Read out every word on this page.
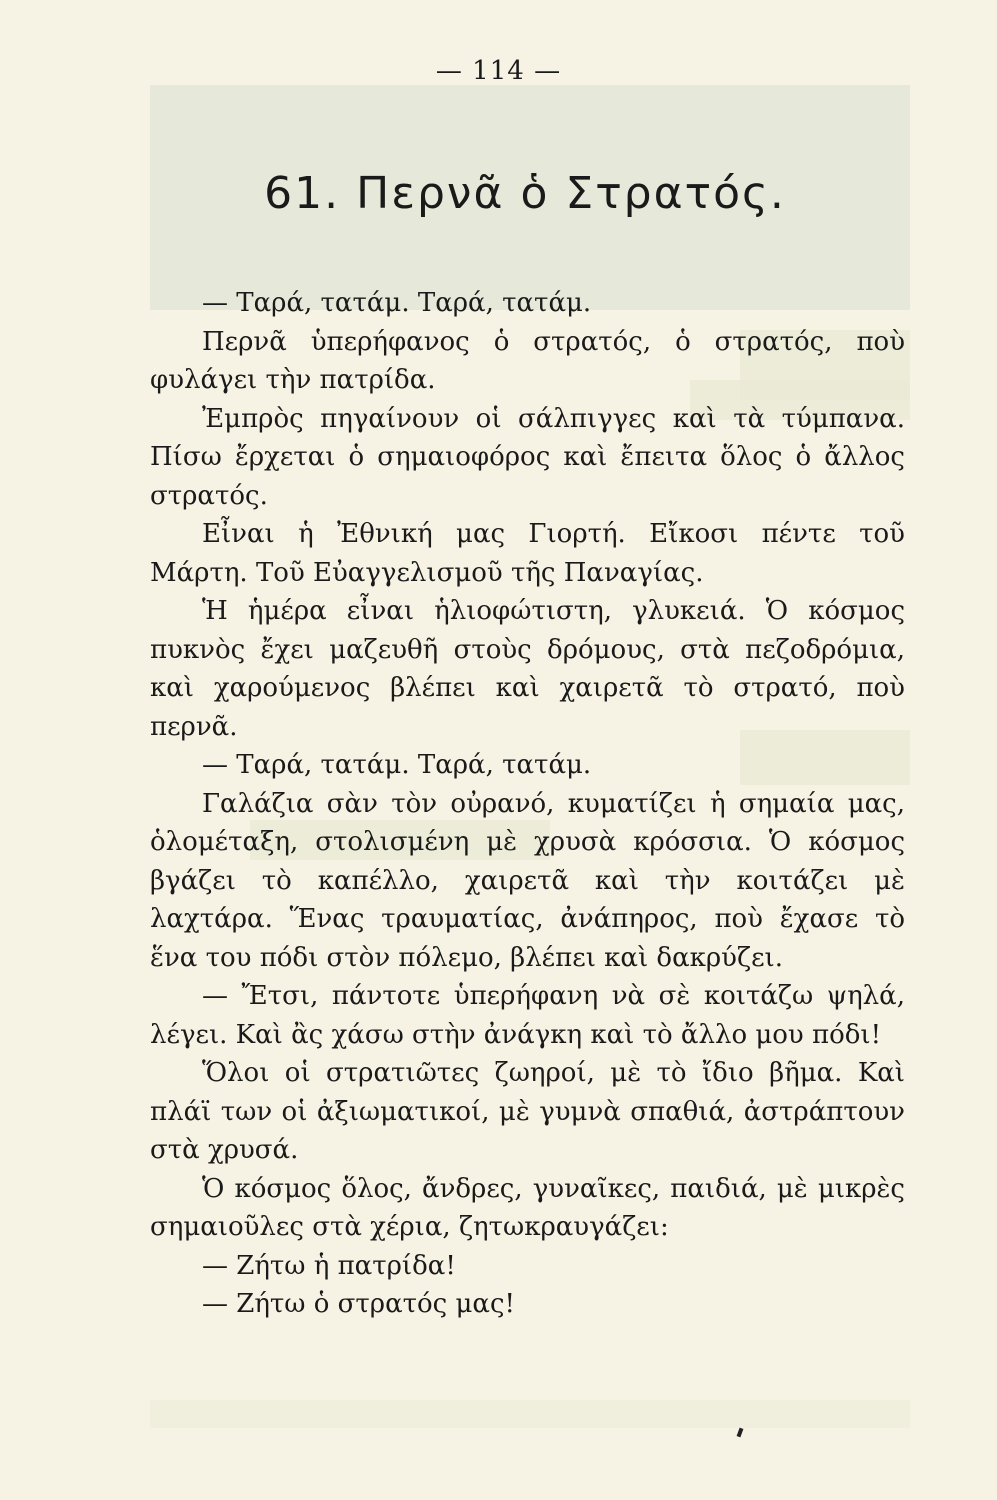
— 114 —
61. Περνᾶ ὁ Στρατός.

— Ταρά, τατάμ. Ταρά, τατάμ.

Περνᾶ ὑπερήφανος ὁ στρατός, ὁ στρατός, ποὺ φυλάγει τὴν πατρίδα.

Ἐμπρὸς πηγαίνουν οἱ σάλπιγγες καὶ τὰ τύμπανα. Πίσω ἔρχεται ὁ σημαιοφόρος καὶ ἔπειτα ὅλος ὁ ἄλλος στρατός.

Εἶναι ἡ Ἐθνική μας Γιορτή. Εἴκοσι πέντε τοῦ Μάρτη. Τοῦ Εὐαγγελισμοῦ τῆς Παναγίας.

Ἡ ἡμέρα εἶναι ἡλιοφώτιστη, γλυκειά. Ὁ κόσμος πυκνὸς ἔχει μαζευθῆ στοὺς δρόμους, στὰ πεζοδρόμια, καὶ χαρούμενος βλέπει καὶ χαιρετᾶ τὸ στρατό, ποὺ περνᾶ.

— Ταρά, τατάμ. Ταρά, τατάμ.

Γαλάζια σὰν τὸν οὐρανό, κυματίζει ἡ σημαία μας, ὁλομέταξη, στολισμένη μὲ χρυσὰ κρόσσια. Ὁ κόσμος βγάζει τὸ καπέλλο, χαιρετᾶ καὶ τὴν κοιτάζει μὲ λαχτάρα. Ἕνας τραυματίας, ἀνάπηρος, ποὺ ἔχασε τὸ ἕνα του πόδι στὸν πόλεμο, βλέπει καὶ δακρύζει.

— Ἔτσι, πάντοτε ὑπερήφανη νὰ σὲ κοιτάζω ψηλά, λέγει. Καὶ ἂς χάσω στὴν ἀνάγκη καὶ τὸ ἄλλο μου πόδι!

Ὅλοι οἱ στρατιῶτες ζωηροί, μὲ τὸ ἴδιο βῆμα. Καὶ πλάϊ των οἱ ἀξιωματικοί, μὲ γυμνὰ σπαθιά, ἀστράπτουν στὰ χρυσά.

Ὁ κόσμος ὅλος, ἄνδρες, γυναῖκες, παιδιά, μὲ μικρὲς σημαιοῦλες στὰ χέρια, ζητωκραυγάζει:

— Ζήτω ἡ πατρίδα!

— Ζήτω ὁ στρατός μας!
